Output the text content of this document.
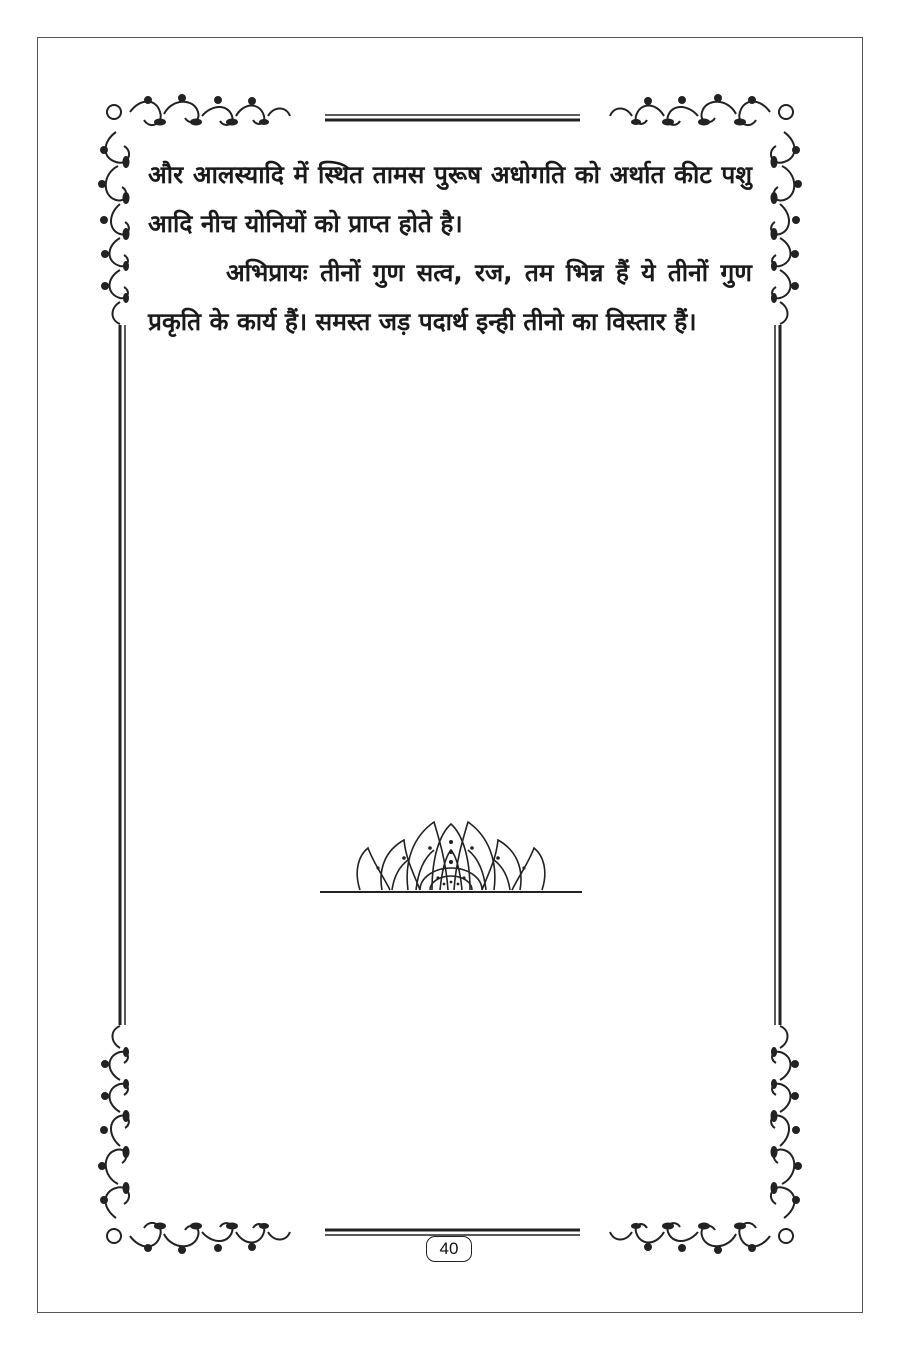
और आलस्यादि में स्थित तामस पुरूष अधोगति को अर्थात कीट पशु आदि नीच योनियों को प्राप्त होते है।

अभिप्रायः तीनों गुण सत्व, रज, तम भिन्न हैं ये तीनों गुण प्रकृति के कार्य हैं। समस्त जड़ पदार्थ इन्ही तीनो का विस्तार हैं।

40
